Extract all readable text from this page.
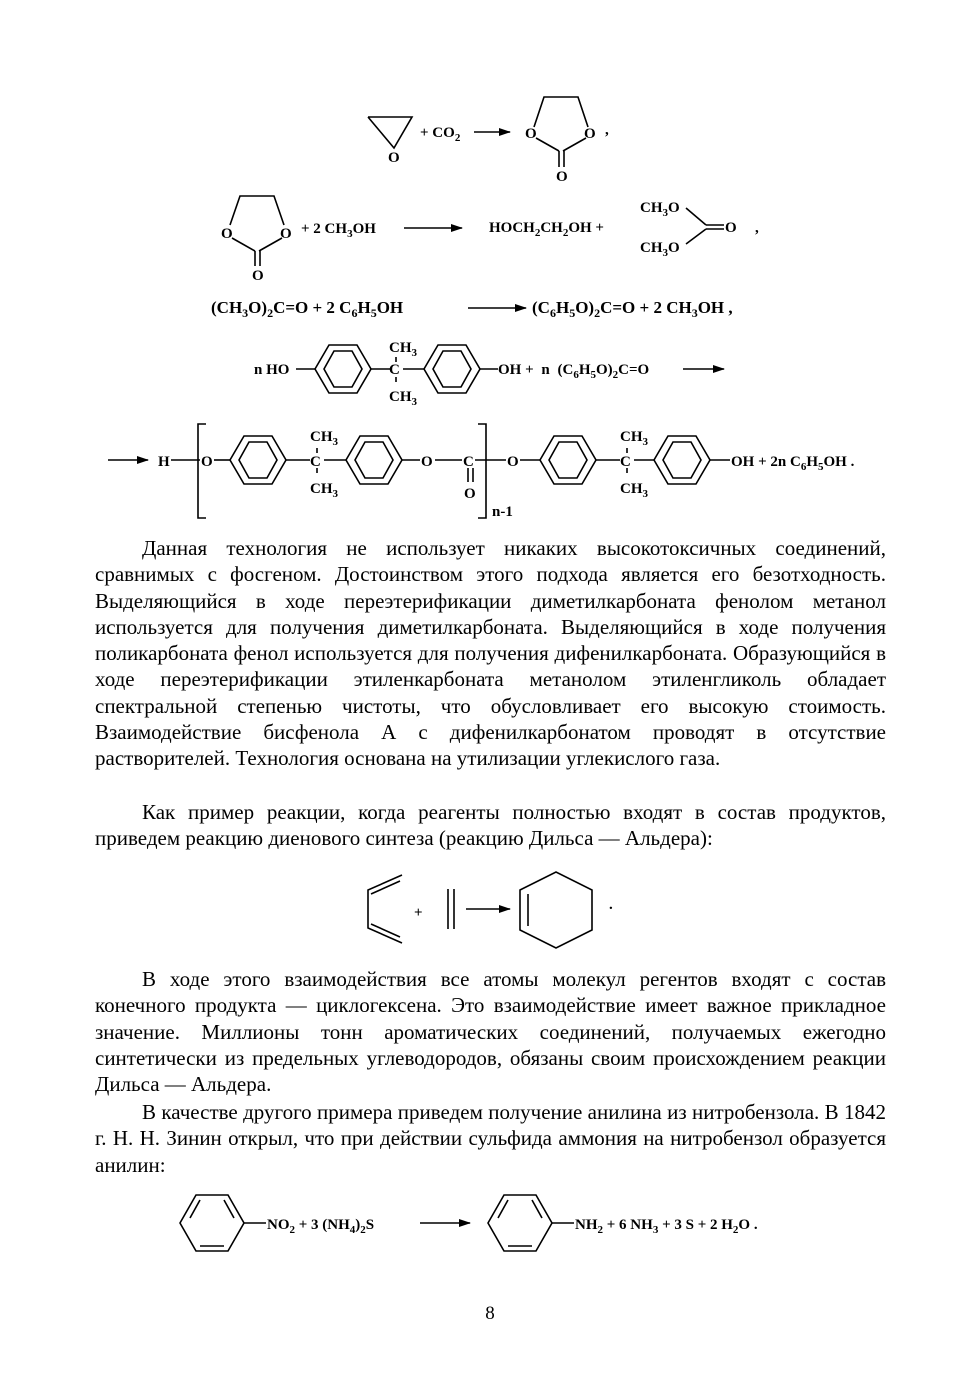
O
+ $CO_2$	O	O
O
,
O	O
O
+ 2 $CH_3OH$	$HOCH_2CH_2OH$ +
$CH_3O$
$CH_3O$
O ,
$(CH_3O)_2C=O + 2$ $C_6H_5OH$	$(C_6H_5O)_2C=O + 2$ $CH_3OH$ ,
n HO	C
$CH_3$
$CH_3$
OH + n $(C_6H_5O)_2C=O$
H O	C
$CH_3$
$CH_3$
O C
O
n-1
O	C
$CH_3$
$CH_3$
OH + 2n $C_6H_5OH$ .
+	.
$NO_2 + 3$ $(NH_4)_2S$	$NH_2 + 6$ $NH_3 + 3$ S + 2 $H_2O$ .

Данная технология не использует никаких высокотоксичных соединений, сравнимых с фосгеном. Достоинством этого подхода является его безотходность. Выделяющийся в ходе переэтерификации диметилкарбоната фенолом метанол используется для получения диметилкарбоната. Выделяющийся в ходе получения поликарбоната фенол используется для получения дифенилкарбоната. Образующийся в ходе переэтерификации этиленкарбоната метанолом этиленгликоль обладает спектральной степенью чистоты, что обусловливает его высокую стоимость. Взаимодействие бисфенола А с дифенилкарбонатом проводят в отсутствие растворителей. Технология основана на утилизации углекислого газа.

Как пример реакции, когда реагенты полностью входят в состав продуктов, приведем реакцию диенового синтеза (реакцию Дильса — Альдера):

В ходе этого взаимодействия все атомы молекул регентов входят с состав конечного продукта — циклогексена. Это взаимодействие имеет важное прикладное значение. Миллионы тонн ароматических соединений, получаемых ежегодно синтетически из предельных углеводородов, обязаны своим происхождением реакции Дильса — Альдера.

В качестве другого примера приведем получение анилина из нитробензола. В 1842 г. Н. Н. Зинин открыл, что при действии сульфида аммония на нитробензол образуется анилин:

8
